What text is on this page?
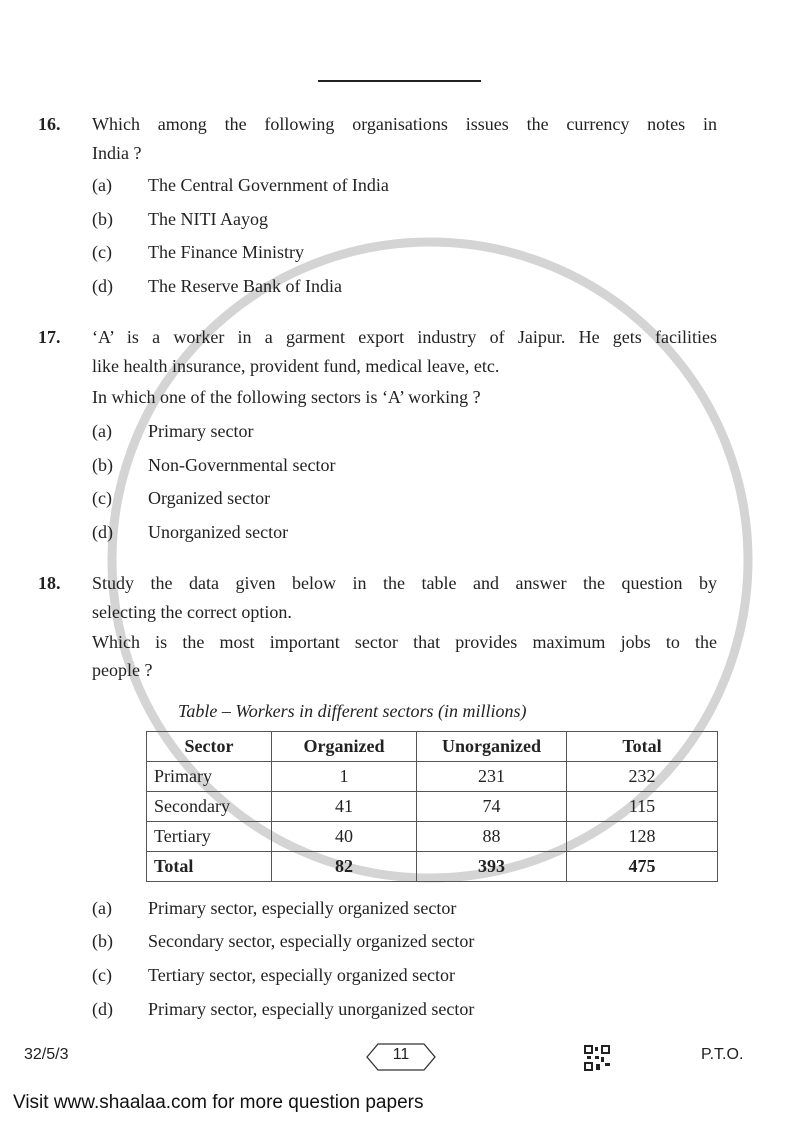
16. Which among the following organisations issues the currency notes in
India ?
(a) The Central Government of India
(b) The NITI Aayog
(c) The Finance Ministry
(d) The Reserve Bank of India
17. ‘A’ is a worker in a garment export industry of Jaipur. He gets facilities
like health insurance, provident fund, medical leave, etc.
In which one of the following sectors is ‘A’ working ?
(a) Primary sector
(b) Non-Governmental sector
(c) Organized sector
(d) Unorganized sector
18. Study the data given below in the table and answer the question by
selecting the correct option.
Which is the most important sector that provides maximum jobs to the
people ?
Table – Workers in different sectors (in millions)
Sector	Organized	Unorganized	Total
Primary	1	231	232
Secondary	41	74	115
Tertiary	40	88	128
Total	82	393	475
(a) Primary sector, especially organized sector
(b) Secondary sector, especially organized sector
(c) Tertiary sector, especially organized sector
(d) Primary sector, especially unorganized sector
32/5/3	11	P.T.O.
Visit www.shaalaa.com for more question papers
